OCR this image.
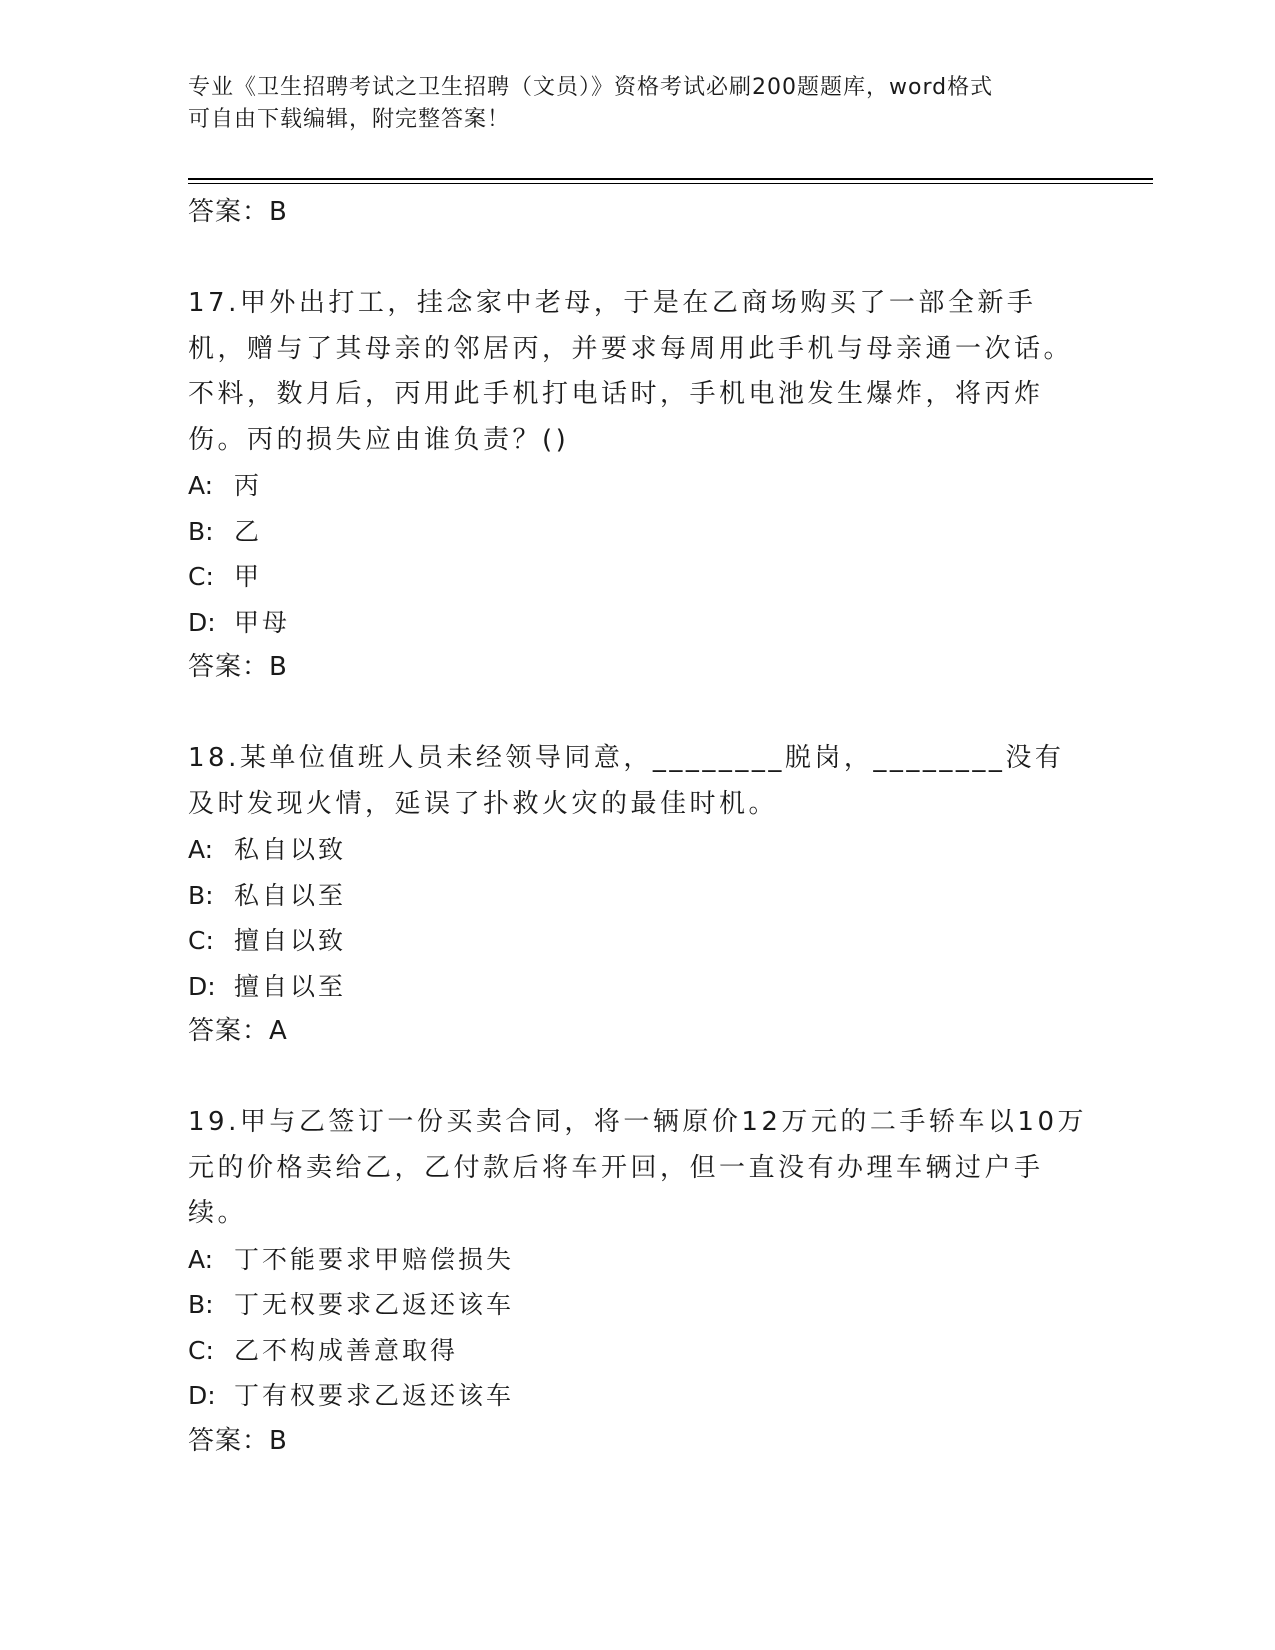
专业《卫生招聘考试之卫生招聘（文员）》资格考试必刷200题题库，word格式
可自由下载编辑，附完整答案！

答案：B

17.甲外出打工，挂念家中老母，于是在乙商场购买了一部全新手机，赠与了其母亲的邻居丙，并要求每周用此手机与母亲通一次话。不料，数月后，丙用此手机打电话时，手机电池发生爆炸，将丙炸伤。丙的损失应由谁负责？()

A: 丙

B: 乙

C: 甲

D: 甲母

答案：B

18.某单位值班人员未经领导同意，________脱岗，________没有及时发现火情，延误了扑救火灾的最佳时机。

A: 私自以致

B: 私自以至

C: 擅自以致

D: 擅自以至

答案：A

19.甲与乙签订一份买卖合同，将一辆原价12万元的二手轿车以10万元的价格卖给乙，乙付款后将车开回，但一直没有办理车辆过户手续。

A: 丁不能要求甲赔偿损失

B: 丁无权要求乙返还该车

C: 乙不构成善意取得

D: 丁有权要求乙返还该车

答案：B
